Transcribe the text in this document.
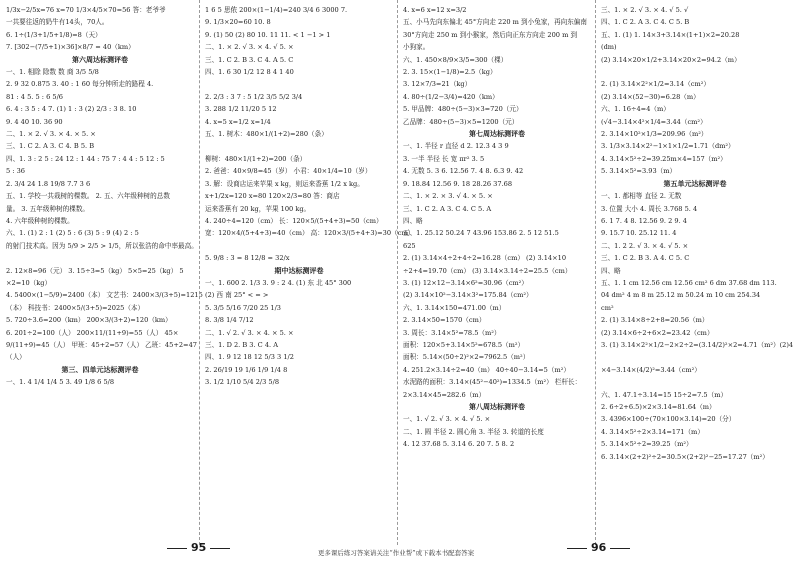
1/3x−2/5x=76 x=70 1/3×4/5×70=56 答：老爷爷
一共要往返的奶牛有14头，70人。
6. 1÷(1/3+1/5+1/8)=8（天）
7. [302−(7/5+1)×36]×8/7 = 40（km）
第六周达标测评卷
一、1. 相除 除数 数 商 3/5 5/8
2. 9 32 0.875 3. 40 : 1 60 每分钟所走的路程 4.
81 : 4 5. 5 : 6 5/6
6. 4 : 3 5 : 4 7. (1) 1 : 3 (2) 2/3 : 3 8. 10
9. 4 40 10. 36 90
二、1. × 2. √ 3. × 4. × 5. ×
三、1. C 2. A 3. C 4. B 5. B
四、1. 3 : 2 5 : 24 12 : 1 44 : 75 7 : 4 4 : 5 12 : 5
5 : 36
2. 3/4 24 1.8 19/8 7.7 3 6
五、1. 学校一共栽树的棵数。 2. 五、六年级种树的总数
量。 3. 五年级种树的棵数。
4. 六年级种树的棵数。
六、1. (1) 2 : 1 (2) 5 : 6 (3) 5 : 9 (4) 2 : 5
的射门技术高。因为 5/9 > 2/5 > 1/5，所以张浩的命中率最高。

2. 12×8=96（元） 3. 15÷3=5（kg） 5×5=25（kg） 5
×2=10（kg）
4. 5400×(1−5/9)=2400（本） 文艺书：2400×3/(3+5)=1215
（本） 科技书：2400×5/(3+5)=2025（本）
5. 720÷3.6=200（km） 200×3/(3+2)=120（km）
6. 201÷2=100（人） 200×11/(11+9)=55（人） 45×
9/(11+9)=45（人） 甲班：45+2=57（人） 乙班：45+2=47
（人）
第三、四单元达标测评卷
一、1. 4 1/4 1/4 5 3. 49 1/8 6 5/8
1 6 5 思侬 200×(1−1/4)=240 3/4 6 3000 7.
9. 1/3×20=60 10. 8
9. (1) 50 (2) 80 10. 11 11. < 1 −1 > 1
二、1. × 2. √ 3. × 4. √ 5. ×
三、1. C 2. B 3. C 4. A 5. C
四、1. 6 30 1/2 12 8 4 1 40

2. 2/3 : 3 7 : 5 1/2 3/5 5/2 3/4
3. 288 1/2 11/20 5 12
4. x=5 x=1/2 x=1/4
五、1. 树木：480×1/(1+2)=280（条）

柳树：480×1/(1+2)=200（条）
2. 爸爸：40×9/8=45（岁） 小君：40×1/4=10（岁）
3. 解：设商店运来苹果 x kg，则运来香蕉 1/2 x kg。
x+1/2x=120 x=80 120×2/3=80 答：商店
运来香蕉有 20 kg，苹果 100 kg。
4. 240÷4=120（cm） 长：120×5/(5+4+3)=50（cm）
宽：120×4/(5+4+3)=40（cm） 高：120×3/(5+4+3)=30（cm）

5. 9/8 : 3 = 8 12/8 = 32/x
期中达标测评卷
一、1. 600 2. 1/3 3. 9 : 2 4. (1) 东 北 45° 300
(2) 西 南 25° < = >
5. 3/5 5/16 7/20 25 1/3
8. 3/8 1/4 7/12
二、1. √ 2. √ 3. × 4. × 5. ×
三、1. D 2. B 3. C 4. A
四、1. 9 12 18 12 5/3 3 1/2
2. 26/19 19 1/6 1/9 1/4 8
3. 1/2 1/10 5/4 2/3 5/8
4. x=6 x=12 x=3/2
五、小马先向东偏北 45°方向走 220 m 到小兔家，再向东偏南
30°方向走 250 m 到小猴家，然后向正东方向走 200 m 到
小狗家。
六、1. 450×8/9×3/5=300（棵）
2. 3. 15×(1−1/8)=2.5（kg）
3. 12×7/3=21（kg）
4. 80÷(1/2−3/4)=420（km）
5. 甲品牌：480÷(5−3)×3=720（元）
乙品牌：480÷(5−3)×5=1200（元）
第七周达标测评卷
一、1. 半径 r 直径 d 2. 12.3 4 3 9
3. 一半 半径 长 宽 πr² 3. 5
4. 无数 5. 3 6. 12.56 7. 4 8. 6.3 9. 42
9. 18.84 12.56 9. 18 28.26 37.68
二、1. × 2. × 3. √ 4. × 5. ×
三、1. C 2. A 3. C 4. C 5. A
四、略
五、1. 25.12 50.24 7 43.96 153.86 2. 5 12 51.5
625
2. (1) 3.14×4÷2+4÷2=16.28（cm） (2) 3.14×10
÷2+4=19.70（cm） (3) 3.14×3.14÷2=25.5（cm）
3. (1) 12×12−3.14×6²=30.96（cm²）
(2) 3.14×10²−3.14×3²=175.84（cm²）
六、1. 3.14×150=471.00（m）
2. 3.14×50=1570（cm）
3. 周长：3.14×5²=78.5（m²）
面积：120×5+3.14×5²=678.5（m²）
面积：5.14×(50÷2)²×2=7962.5（m²）
4. 251.2×3.14÷2=40（m） 40÷40−3.14=5（m²）
水泥路的面积：3.14×(45²−40²)=1334.5（m²） 栏杆长：
2×3.14×45=282.6（m）
第八周达标测评卷
一、1. √ 2. √ 3. × 4. √ 5. ×
二、1. 圆 半径 2. 圆心角 3. 半径 3. 转道的长度
4. 12 37.68 5. 3.14 6. 20 7. 5 8. 2
三、1. × 2. √ 3. × 4. √ 5. √
四、1. C 2. A 3. C 4. C 5. B
五、1. (1) 1. 14×3+3.14×(1+1)×2=20.28
(dm)
(2) 3.14×20×1/2+3.14×20×2=94.2（m）

2. (1) 3.14×2²×1/2=3.14（cm²）
(2) 3.14×(52−30)=6.28（m）
六、1. 16÷4=4（m）
(√4−3.14×4²×1/4=3.44（cm²）
2. 3.14×10²×1/3=209.96（m²）
3. 1/3×3.14×2²−1×1×1/2=1.71（dm²）
4. 3.14×5²÷2=39.25m×4=157（m²）
5. 3.14×5²=3.93（m）
第五单元达标测评卷
一、1. 都相等 直径 2. 无数
3. 位置 大小 4. 周长 3.768 5. 4
6. 1 7. 4 8. 12.56 9. 2 9. 4
9. 15.7 10. 25.12 11. 4
二、1. 2 2. √ 3. × 4. √ 5. ×
三、1. C 2. B 3. A 4. C 5. C
四、略
五、1. 1 cm 12.56 cm 12.56 cm² 6 dm 37.68 dm 113.
04 dm² 4 m 8 m 25.12 m 50.24 m 10 cm 254.34
cm²
2. (1) 3.14×8÷2+8=20.56（m）
(2) 3.14×6÷2+6×2=23.42（cm）
3. (1) 3.14×2²×1/2−2×2÷2=(3.14/2)²×2=4.71（m²）(2)4

×4−3.14×(4/2)²=3.44（cm²）

六、1. 47.1÷3.14=15 15÷2=7.5（m）
2. 6÷2+6.5)×2×3.14=81.64（m）
3. 4396×100÷(70×100×3.14)=20（分）
4. 3.14×5²÷2×3.14=171（m）
5. 3.14×5²÷2=39.25（m²）
6. 3.14×(2+2)²÷2=30.5×(2+2)²−25=17.27（m²）
95	96
更多课后练习答案请关注“作业帮”或下载本书配套答案
